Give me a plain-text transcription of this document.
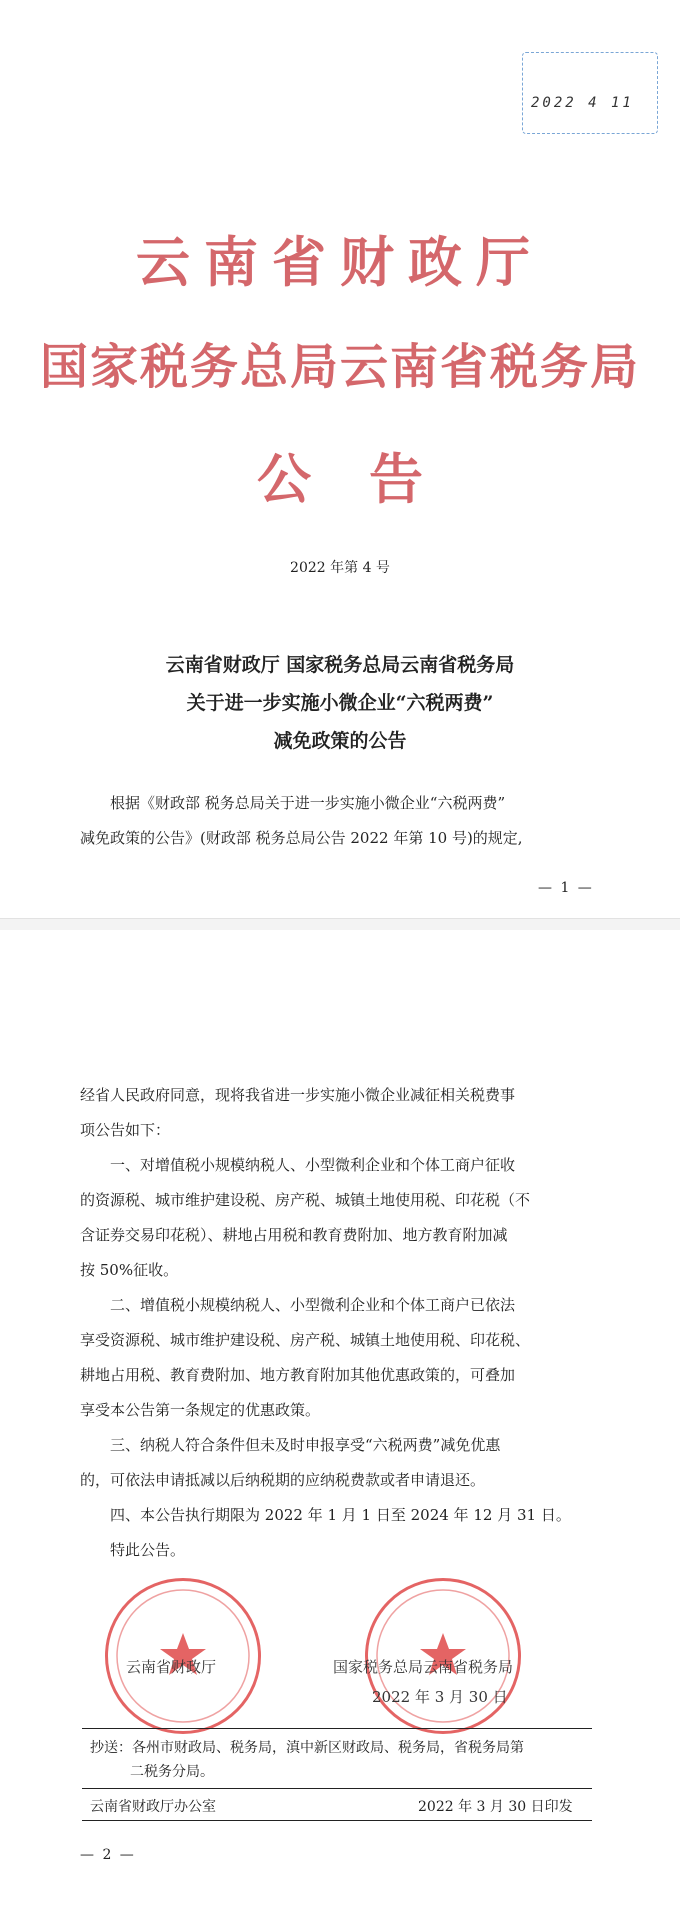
2022 4 11
云南省财政厅
国家税务总局云南省税务局
公告
2022 年第 4 号
云南省财政厅 国家税务总局云南省税务局
关于进一步实施小微企业“六税两费”
减免政策的公告
根据《财政部 税务总局关于进一步实施小微企业“六税两费”
减免政策的公告》(财政部 税务总局公告 2022 年第 10 号)的规定,
— 1 —
经省人民政府同意，现将我省进一步实施小微企业减征相关税费事
项公告如下：
一、对增值税小规模纳税人、小型微利企业和个体工商户征收
的资源税、城市维护建设税、房产税、城镇土地使用税、印花税（不
含证券交易印花税）、耕地占用税和教育费附加、地方教育附加减
按 50%征收。
二、增值税小规模纳税人、小型微利企业和个体工商户已依法
享受资源税、城市维护建设税、房产税、城镇土地使用税、印花税、
耕地占用税、教育费附加、地方教育附加其他优惠政策的，可叠加
享受本公告第一条规定的优惠政策。
三、纳税人符合条件但未及时申报享受“六税两费”减免优惠
的，可依法申请抵减以后纳税期的应纳税费款或者申请退还。
四、本公告执行期限为 2022 年 1 月 1 日至 2024 年 12 月 31 日。
特此公告。
云南省财政厅	国家税务总局云南省税务局
2022 年 3 月 30 日
抄送：各州市财政局、税务局，滇中新区财政局、税务局，省税务局第
二税务分局。
云南省财政厅办公室	2022 年 3 月 30 日印发
— 2 —
